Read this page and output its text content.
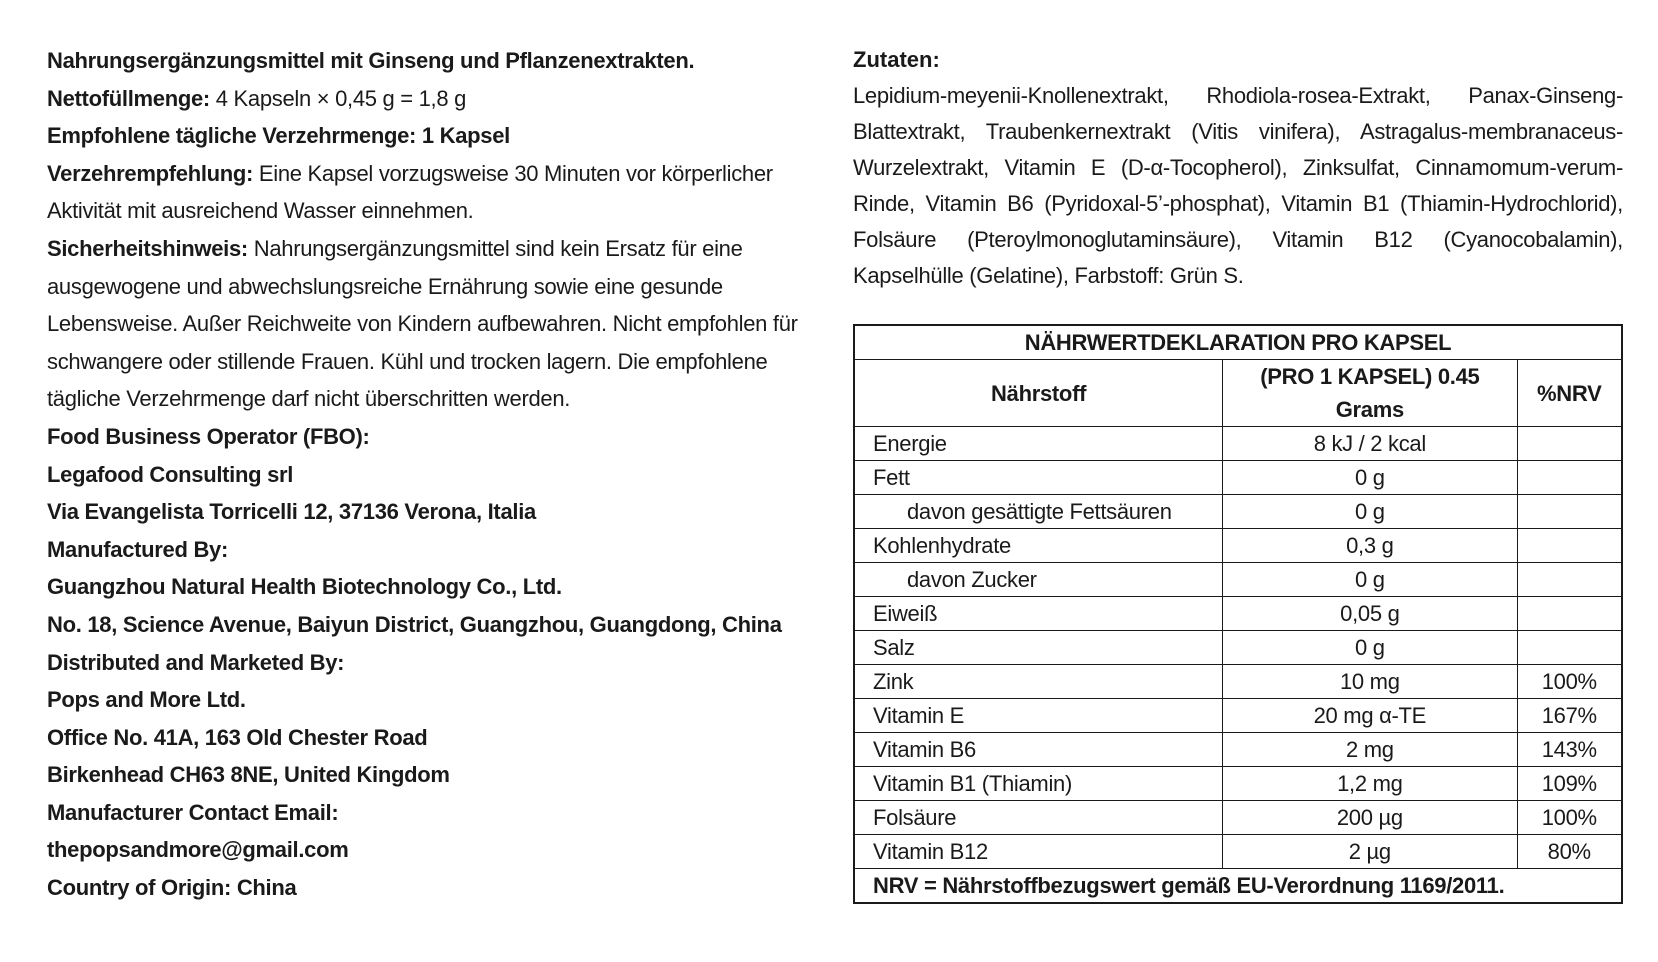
Nahrungsergänzungsmittel mit Ginseng und Pflanzenextrakten.

Nettofüllmenge: 4 Kapseln × 0,45 g = 1,8 g

Empfohlene tägliche Verzehrmenge: 1 Kapsel

Verzehrempfehlung: Eine Kapsel vorzugsweise 30 Minuten vor körperlicher Aktivität mit ausreichend Wasser einnehmen.

Sicherheitshinweis: Nahrungsergänzungsmittel sind kein Ersatz für eine ausgewogene und abwechslungsreiche Ernährung sowie eine gesunde Lebensweise. Außer Reichweite von Kindern aufbewahren. Nicht empfohlen für schwangere oder stillende Frauen. Kühl und trocken lagern. Die empfohlene tägliche Verzehrmenge darf nicht überschritten werden.

Food Business Operator (FBO):

Legafood Consulting srl

Via Evangelista Torricelli 12, 37136 Verona, Italia

Manufactured By:

Guangzhou Natural Health Biotechnology Co., Ltd.

No. 18, Science Avenue, Baiyun District, Guangzhou, Guangdong, China

Distributed and Marketed By:

Pops and More Ltd.

Office No. 41A, 163 Old Chester Road

Birkenhead CH63 8NE, United Kingdom

Manufacturer Contact Email:

thepopsandmore@gmail.com

Country of Origin: China

Zutaten:

Lepidium-meyenii-Knollenextrakt, Rhodiola-rosea-Extrakt, Panax-Ginseng-Blattextrakt, Traubenkernextrakt (Vitis vinifera), Astragalus-membranaceus-Wurzelextrakt, Vitamin E (D-α-Tocopherol), Zinksulfat, Cinnamomum-verum-Rinde, Vitamin B6 (Pyridoxal-5’-phosphat), Vitamin B1 (Thiamin-Hydrochlorid), Folsäure (Pteroylmonoglutaminsäure), Vitamin B12 (Cyanocobalamin), Kapselhülle (Gelatine), Farbstoff: Grün S.

NÄHRWERTDEKLARATION PRO KAPSEL		
Nährstoff	(PRO 1 KAPSEL) 0.45 Grams	%NRV
Energie	8 kJ / 2 kcal	
Fett	0 g	
davon gesättigte Fettsäuren	0 g	
Kohlenhydrate	0,3 g	
davon Zucker	0 g	
Eiweiß	0,05 g	
Salz	0 g	
Zink	10 mg	100%
Vitamin E	20 mg α-TE	167%
Vitamin B6	2 mg	143%
Vitamin B1 (Thiamin)	1,2 mg	109%
Folsäure	200 µg	100%
Vitamin B12	2 µg	80%
NRV = Nährstoffbezugswert gemäß EU-Verordnung 1169/2011.		
